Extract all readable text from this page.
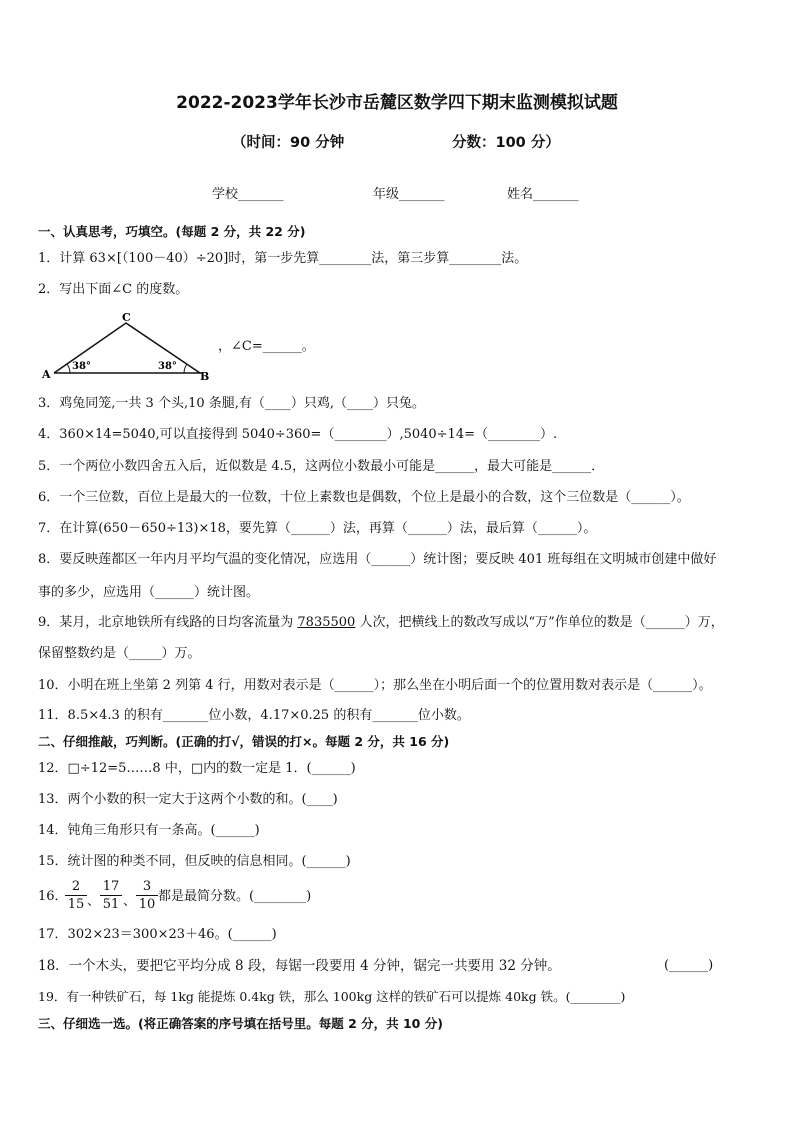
2022-2023学年长沙市岳麓区数学四下期末监测模拟试题
（时间：90 分钟	分数：100 分）
学校_______	年级_______	姓名_______
一、认真思考，巧填空。(每题 2 分，共 22 分)
1．计算 63×[（100－40）÷20]时，第一步先算________法，第三步算________法。
2．写出下面∠C 的度数。
C
A	B
38°	38°
，∠C=______。
3．鸡兔同笼,一共 3 个头,10 条腿,有（____）只鸡,（____）只兔。
4．360×14=5040,可以直接得到 5040÷360=（________）,5040÷14=（________）.
5．一个两位小数四舍五入后，近似数是 4.5，这两位小数最小可能是______，最大可能是______．
6．一个三位数，百位上是最大的一位数，十位上素数也是偶数，个位上是最小的合数，这个三位数是（______）。
7．在计算(650－650÷13)×18，要先算（______）法，再算（______）法，最后算（______）。
8．要反映莲都区一年内月平均气温的变化情况，应选用（______）统计图；要反映 401 班每组在文明城市创建中做好
事的多少，应选用（______）统计图。
9．某月，北京地铁所有线路的日均客流量为 7835500 人次，把横线上的数改写成以“万”作单位的数是（______）万，
保留整数约是（_____）万。
10．小明在班上坐第 2 列第 4 行，用数对表示是（______）；那么坐在小明后面一个的位置用数对表示是（______）。
11．8.5×4.3 的积有_______位小数，4.17×0.25 的积有_______位小数。
二、仔细推敲，巧判断。(正确的打√，错误的打×。每题 2 分，共 16 分)
12．□÷12=5……8 中，□内的数一定是 1．(______)
13．两个小数的积一定大于这两个小数的和。(____)
14．钝角三角形只有一条高。(______)
15．统计图的种类不同，但反映的信息相同。(______)
16．
2
15 、
17
51 、
3
10
都是最简分数。(________)
17．302×23＝300×23＋46。(______)
18．一个木头，要把它平均分成 8 段，每锯一段要用 4 分钟，锯完一共要用 32 分钟。	(______)
19．有一种铁矿石，每 1kg 能提炼 0.4kg 铁，那么 100kg 这样的铁矿石可以提炼 40kg 铁。(________)
三、仔细选一选。(将正确答案的序号填在括号里。每题 2 分，共 10 分)
